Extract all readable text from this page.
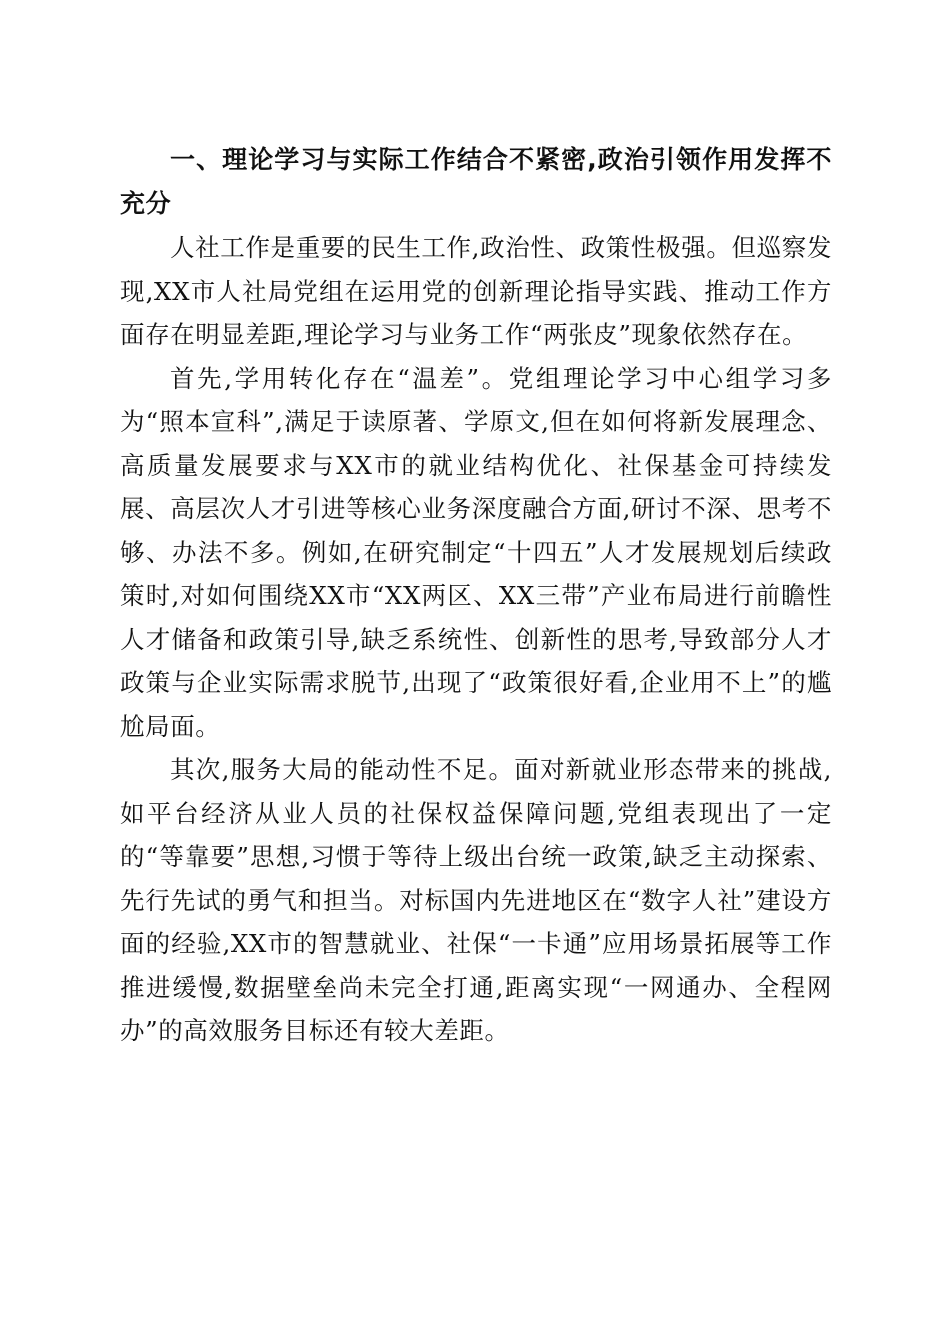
一、理论学习与实际工作结合不紧密,政治引领作用发挥不充分

人社工作是重要的民生工作,政治性、政策性极强。但巡察发现,XX市人社局党组在运用党的创新理论指导实践、推动工作方面存在明显差距,理论学习与业务工作“两张皮”现象依然存在。

首先,学用转化存在“温差”。党组理论学习中心组学习多为“照本宣科”,满足于读原著、学原文,但在如何将新发展理念、高质量发展要求与XX市的就业结构优化、社保基金可持续发展、高层次人才引进等核心业务深度融合方面,研讨不深、思考不够、办法不多。例如,在研究制定“十四五”人才发展规划后续政策时,对如何围绕XX市“XX两区、XX三带”产业布局进行前瞻性人才储备和政策引导,缺乏系统性、创新性的思考,导致部分人才政策与企业实际需求脱节,出现了“政策很好看,企业用不上”的尴尬局面。

其次,服务大局的能动性不足。面对新就业形态带来的挑战,如平台经济从业人员的社保权益保障问题,党组表现出了一定的“等靠要”思想,习惯于等待上级出台统一政策,缺乏主动探索、先行先试的勇气和担当。对标国内先进地区在“数字人社”建设方面的经验,XX市的智慧就业、社保“一卡通”应用场景拓展等工作推进缓慢,数据壁垒尚未完全打通,距离实现“一网通办、全程网办”的高效服务目标还有较大差距。
